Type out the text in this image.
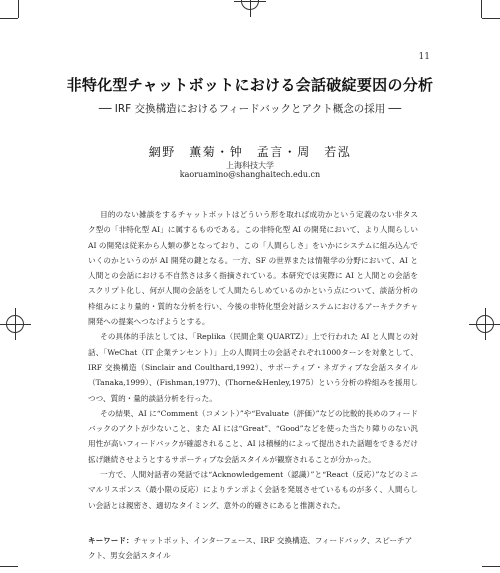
11
非特化型チャットボットにおける会話破綻要因の分析
── IRF 交換構造におけるフィードバックとアクト概念の採用 ──
網野　薫菊・钟　孟言・周　若泓
上海科技大学
kaoruamino@shanghaitech.edu.cn

目的のない雑談をするチャットボットはどういう形を取れば成功かという定義のない非タスク型の「非特化型 AI」に属するものである。この非特化型 AI の開発において、より人間らしい AI の開発は従来から人類の夢となっており、この「人間らしさ」をいかにシステムに組み込んでいくのかというのが AI 開発の鍵となる。一方、SF の世界または情報学の分野において、AI と人間との会話における不自然さは多く指摘されている。本研究では実際に AI と人間との会話をスクリプト化し、何が人間の会話をして人間たらしめているのかという点について、談話分析の枠組みにより量的・質的な分析を行い、今後の非特化型会対話システムにおけるアーキテクチャ開発への提案へつなげようとする。

その具体的手法としては、「Replika（民間企業 QUARTZ）」上で行われた AI と人間との対話、「WeChat（IT 企業テンセント）」上の人間同士の会話それぞれ1000ターンを対象として、IRF 交換構造（Sinclair and Coulthard,1992）、サポーティブ・ネガティブな会話スタイル（Tanaka,1999）、(Fishman,1977)、(Thorne&Henley,1975）という分析の枠組みを援用しつつ、質的・量的談話分析を行った。

その結果、AI に“Comment（コメント）”や“Evaluate（評価）”などの比較的長めのフィードバックのアクトが少ないこと、また AI には“Great”、“Good”などを使った当たり障りのない汎用性が高いフィードバックが確認されること、AI は積極的によって提出された話題をできるだけ拡げ継続させようとするサポーティブな会話スタイルが観察されることが分かった。

一方で、人間対話者の発話では“Acknowledgement（認識）”と“React（反応）”などのミニマルリスポンス（最小限の反応）によりテンポよく会話を発展させているものが多く、人間らしい会話とは親密さ、適切なタイミング、意外の的確さにあると推測された。

キーワード：チャットボット、インターフェース、IRF 交換構造、フィードバック、スピーチアクト、男女会話スタイル
